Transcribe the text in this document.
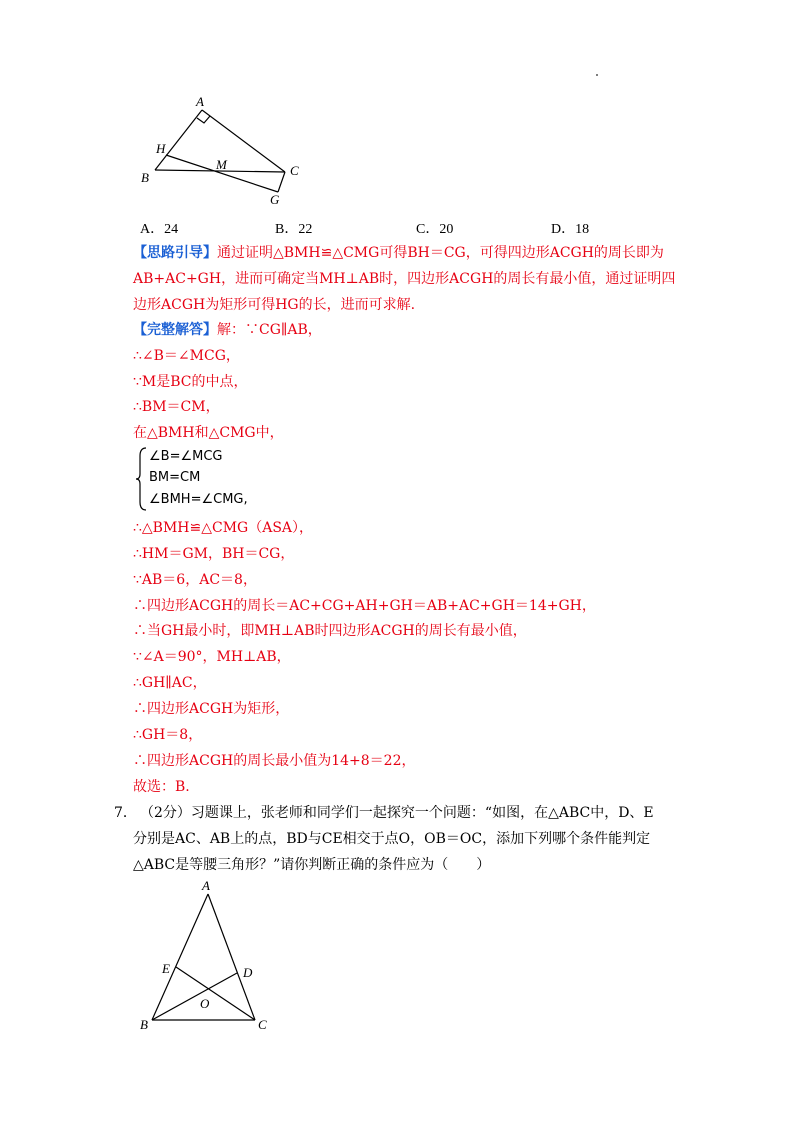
A
H
M	C
B
G
A．24	B．22	C．20	D．18
【思路引导】通过证明△BMH≌△CMG可得BH＝CG，可得四边形ACGH的周长即为
AB+AC+GH，进而可确定当MH⊥AB时，四边形ACGH的周长有最小值，通过证明四
边形ACGH为矩形可得HG的长，进而可求解.
【完整解答】解：∵CG∥AB，
∴∠B＝∠MCG，
∵M是BC的中点，
∴BM＝CM，
在△BMH和△CMG中，
∠B=∠MCG
BM=CM
∠BMH=∠CMG,
∴△BMH≌△CMG（ASA），
∴HM＝GM，BH＝CG，
∵AB＝6，AC＝8，
∴四边形ACGH的周长＝AC+CG+AH+GH＝AB+AC+GH＝14+GH，
∴当GH最小时，即MH⊥AB时四边形ACGH的周长有最小值，
∵∠A＝90°，MH⊥AB，
∴GH∥AC，
∴四边形ACGH为矩形，
∴GH＝8，
∴四边形ACGH的周长最小值为14+8＝22，
故选：B.
7． （2分）习题课上，张老师和同学们一起探究一个问题：“如图，在△ABC中，D、E
分别是AC、AB上的点，BD与CE相交于点O，OB＝OC，添加下列哪个条件能判定
△ABC是等腰三角形？”请你判断正确的条件应为（　　）
A
E	D
O
B	C
